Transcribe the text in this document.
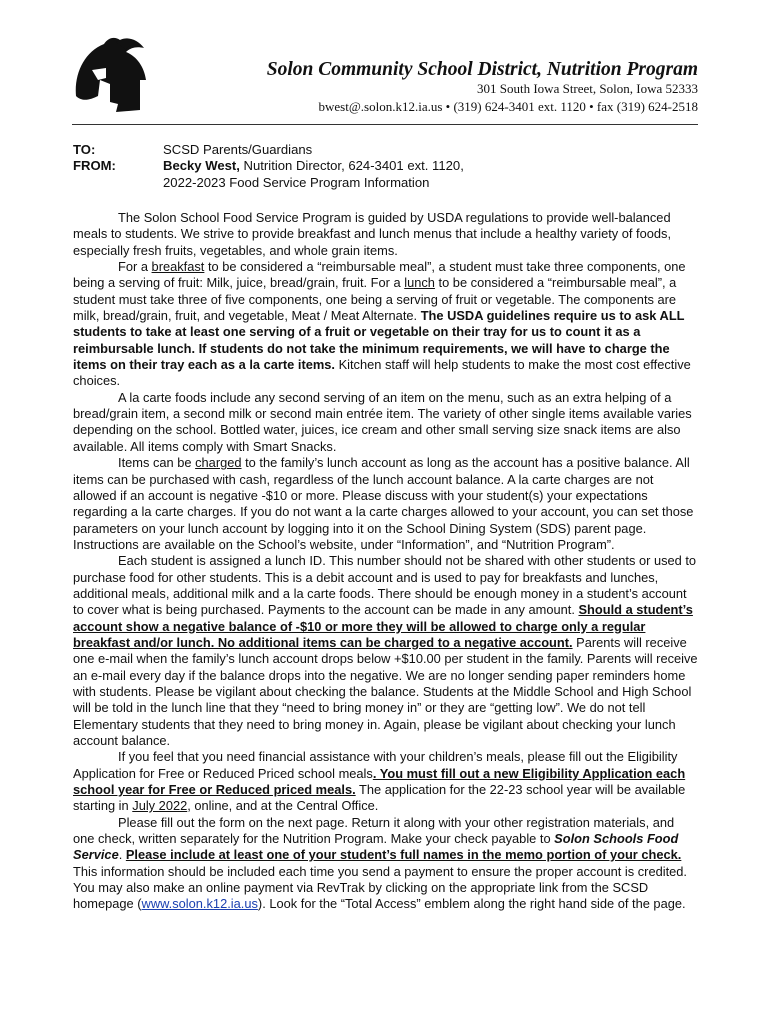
Solon Community School District, Nutrition Program
301 South Iowa Street, Solon, Iowa 52333
bwest@.solon.k12.ia.us • (319) 624-3401 ext. 1120 • fax (319) 624-2518
TO:	SCSD Parents/Guardians
FROM:	Becky West, Nutrition Director, 624-3401 ext. 1120,
2022-2023 Food Service Program Information

The Solon School Food Service Program is guided by USDA regulations to provide well-balanced meals to students. We strive to provide breakfast and lunch menus that include a healthy variety of foods, especially fresh fruits, vegetables, and whole grain items.

For a breakfast to be considered a “reimbursable meal”, a student must take three components, one being a serving of fruit: Milk, juice, bread/grain, fruit. For a lunch to be considered a “reimbursable meal”, a student must take three of five components, one being a serving of fruit or vegetable. The components are milk, bread/grain, fruit, and vegetable, Meat / Meat Alternate. The USDA guidelines require us to ask ALL students to take at least one serving of a fruit or vegetable on their tray for us to count it as a reimbursable lunch. If students do not take the minimum requirements, we will have to charge the items on their tray each as a la carte items. Kitchen staff will help students to make the most cost effective choices.

A la carte foods include any second serving of an item on the menu, such as an extra helping of a bread/grain item, a second milk or second main entrée item. The variety of other single items available varies depending on the school. Bottled water, juices, ice cream and other small serving size snack items are also available. All items comply with Smart Snacks.

Items can be charged to the family’s lunch account as long as the account has a positive balance. All items can be purchased with cash, regardless of the lunch account balance. A la carte charges are not allowed if an account is negative -$10 or more. Please discuss with your student(s) your expectations regarding a la carte charges. If you do not want a la carte charges allowed to your account, you can set those parameters on your lunch account by logging into it on the School Dining System (SDS) parent page. Instructions are available on the School’s website, under “Information”, and “Nutrition Program”.

Each student is assigned a lunch ID. This number should not be shared with other students or used to purchase food for other students. This is a debit account and is used to pay for breakfasts and lunches, additional meals, additional milk and a la carte foods. There should be enough money in a student’s account to cover what is being purchased. Payments to the account can be made in any amount. Should a student’s account show a negative balance of -$10 or more they will be allowed to charge only a regular breakfast and/or lunch. No additional items can be charged to a negative account. Parents will receive one e-mail when the family’s lunch account drops below +$10.00 per student in the family. Parents will receive an e-mail every day if the balance drops into the negative. We are no longer sending paper reminders home with students. Please be vigilant about checking the balance. Students at the Middle School and High School will be told in the lunch line that they “need to bring money in” or they are “getting low”. We do not tell Elementary students that they need to bring money in. Again, please be vigilant about checking your lunch account balance.

If you feel that you need financial assistance with your children’s meals, please fill out the Eligibility Application for Free or Reduced Priced school meals. You must fill out a new Eligibility Application each school year for Free or Reduced priced meals. The application for the 22-23 school year will be available starting in July 2022, online, and at the Central Office.

Please fill out the form on the next page. Return it along with your other registration materials, and one check, written separately for the Nutrition Program. Make your check payable to Solon Schools Food Service. Please include at least one of your student’s full names in the memo portion of your check. This information should be included each time you send a payment to ensure the proper account is credited. You may also make an online payment via RevTrak by clicking on the appropriate link from the SCSD homepage (www.solon.k12.ia.us). Look for the “Total Access” emblem along the right hand side of the page.
